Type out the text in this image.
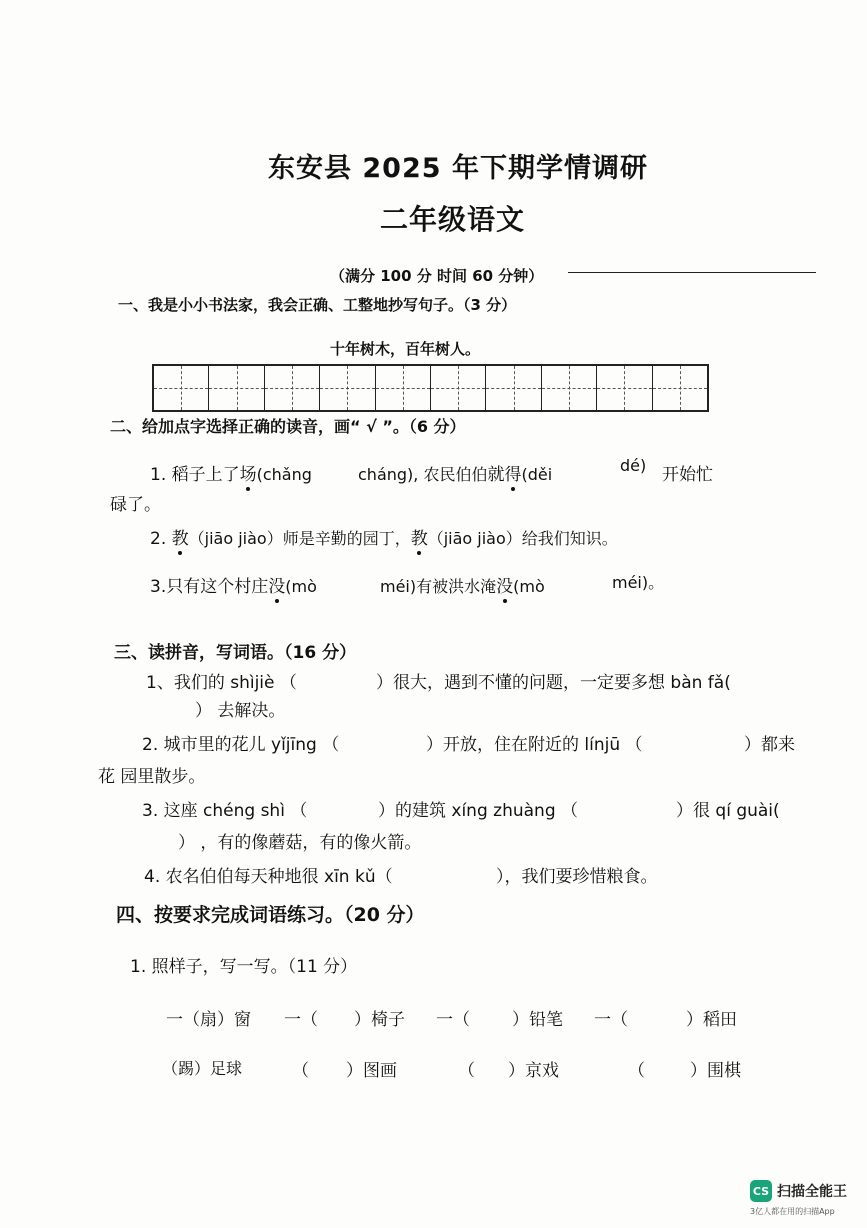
东安县 2025 年下期学情调研
二年级语文
（满分 100 分 时间 60 分钟）
一、我是小小书法家，我会正确、工整地抄写句子。（3 分）
十年树木，百年树人。
二、给加点字选择正确的读音，画“ √ ”。（6 分）
1. 稻子上了场(chǎng	cháng), 农民伯伯就得(děi	dé) 开始忙
碌了。
2. 教（jiāo jiào）师是辛勤的园丁，教（jiāo jiào）给我们知识。
3.只有这个村庄没(mò	méi)有被洪水淹没(mò	méi)。
三、读拼音，写词语。（16 分）
1、我们的 shìjiè （	）很大，遇到不懂的问题，一定要多想 bàn fǎ(
） 去解决。
2. 城市里的花儿 yǐjīng （	）开放，住在附近的 línjū （	）都来
花 园里散步。
3. 这座 chéng shì （	）的建筑 xíng zhuàng （	）很 qí guài(
） ，有的像蘑菇，有的像火箭。
4. 农名伯伯每天种地很 xīn kǔ（	），我们要珍惜粮食。
四、按要求完成词语练习。（20 分）
1. 照样子，写一写。（11 分）
一（扇）窗 一（ ）椅子 一（ ）铅笔 一（	）稻田
（踢）足球	（ ）图画	（ ）京戏	（	）围棋
CS 扫描全能王
3亿人都在用的扫描App
